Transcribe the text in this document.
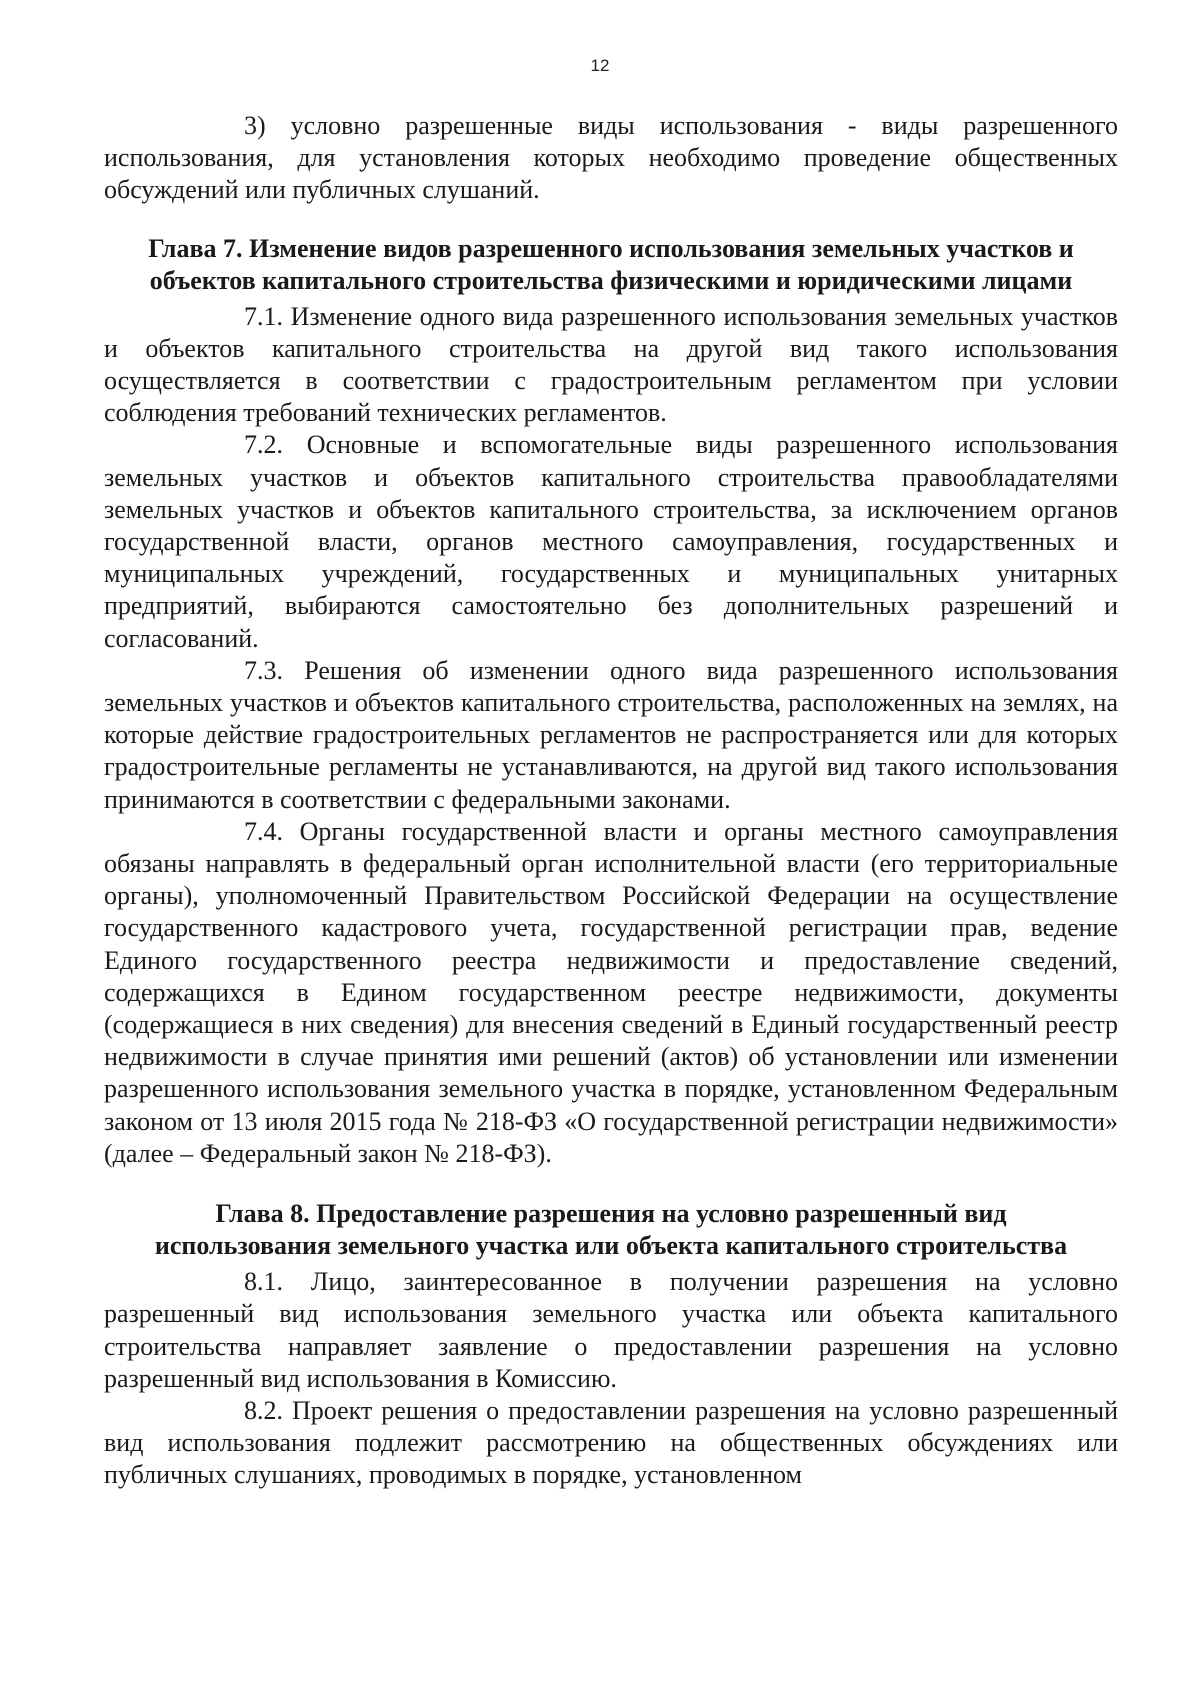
12

3) условно разрешенные виды использования - виды разрешенного использования, для установления которых необходимо проведение общественных обсуждений или публичных слушаний.

Глава 7. Изменение видов разрешенного использования земельных участков и
объектов капитального строительства физическими и юридическими лицами

7.1. Изменение одного вида разрешенного использования земельных участков и объектов капитального строительства на другой вид такого использования осуществляется в соответствии с градостроительным регламентом при условии соблюдения требований технических регламентов.

7.2. Основные и вспомогательные виды разрешенного использования земельных участков и объектов капитального строительства правообладателями земельных участков и объектов капитального строительства, за исключением органов государственной власти, органов местного самоуправления, государственных и муниципальных учреждений, государственных и муниципальных унитарных предприятий, выбираются самостоятельно без дополнительных разрешений и согласований.

7.3. Решения об изменении одного вида разрешенного использования земельных участков и объектов капитального строительства, расположенных на землях, на которые действие градостроительных регламентов не распространяется или для которых градостроительные регламенты не устанавливаются, на другой вид такого использования принимаются в соответствии с федеральными законами.

7.4. Органы государственной власти и органы местного самоуправления обязаны направлять в федеральный орган исполнительной власти (его территориальные органы), уполномоченный Правительством Российской Федерации на осуществление государственного кадастрового учета, государственной регистрации прав, ведение Единого государственного реестра недвижимости и предоставление сведений, содержащихся в Едином государственном реестре недвижимости, документы (содержащиеся в них сведения) для внесения сведений в Единый государственный реестр недвижимости в случае принятия ими решений (актов) об установлении или изменении разрешенного использования земельного участка в порядке, установленном Федеральным законом от 13 июля 2015 года № 218-ФЗ «О государственной регистрации недвижимости» (далее – Федеральный закон № 218-ФЗ).

Глава 8. Предоставление разрешения на условно разрешенный вид
использования земельного участка или объекта капитального строительства

8.1. Лицо, заинтересованное в получении разрешения на условно разрешенный вид использования земельного участка или объекта капитального строительства направляет заявление о предоставлении разрешения на условно разрешенный вид использования в Комиссию.

8.2. Проект решения о предоставлении разрешения на условно разрешенный вид использования подлежит рассмотрению на общественных обсуждениях или публичных слушаниях, проводимых в порядке, установленном
